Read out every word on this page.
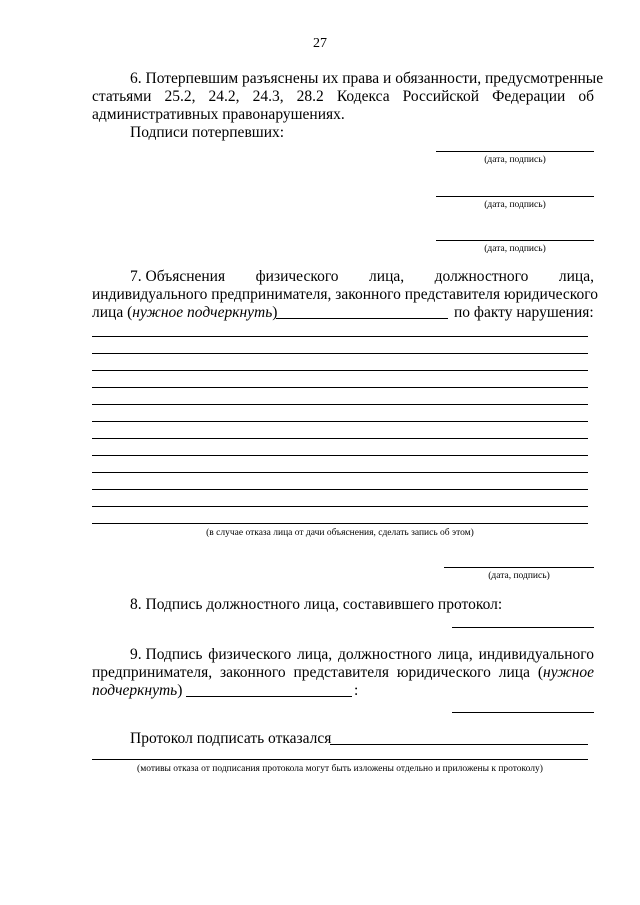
27
6. Потерпевшим разъяснены их права и обязанности, предусмотренные
статьями 25.2, 24.2, 24.3, 28.2 Кодекса Российской Федерации об
административных правонарушениях.
Подписи потерпевших:
(дата, подпись)
(дата, подпись)
(дата, подпись)
7. Объяснения физического лица, должностного лица,
индивидуального предпринимателя, законного представителя юридического
лица (нужное подчеркнуть)	по факту нарушения:
(в случае отказа лица от дачи объяснения, сделать запись об этом)
(дата, подпись)
8. Подпись должностного лица, составившего протокол:
9. Подпись физического лица, должностного лица, индивидуального
предпринимателя, законного представителя юридического лица (нужное
подчеркнуть)	:
Протокол подписать отказался
(мотивы отказа от подписания протокола могут быть изложены отдельно и приложены к протоколу)
